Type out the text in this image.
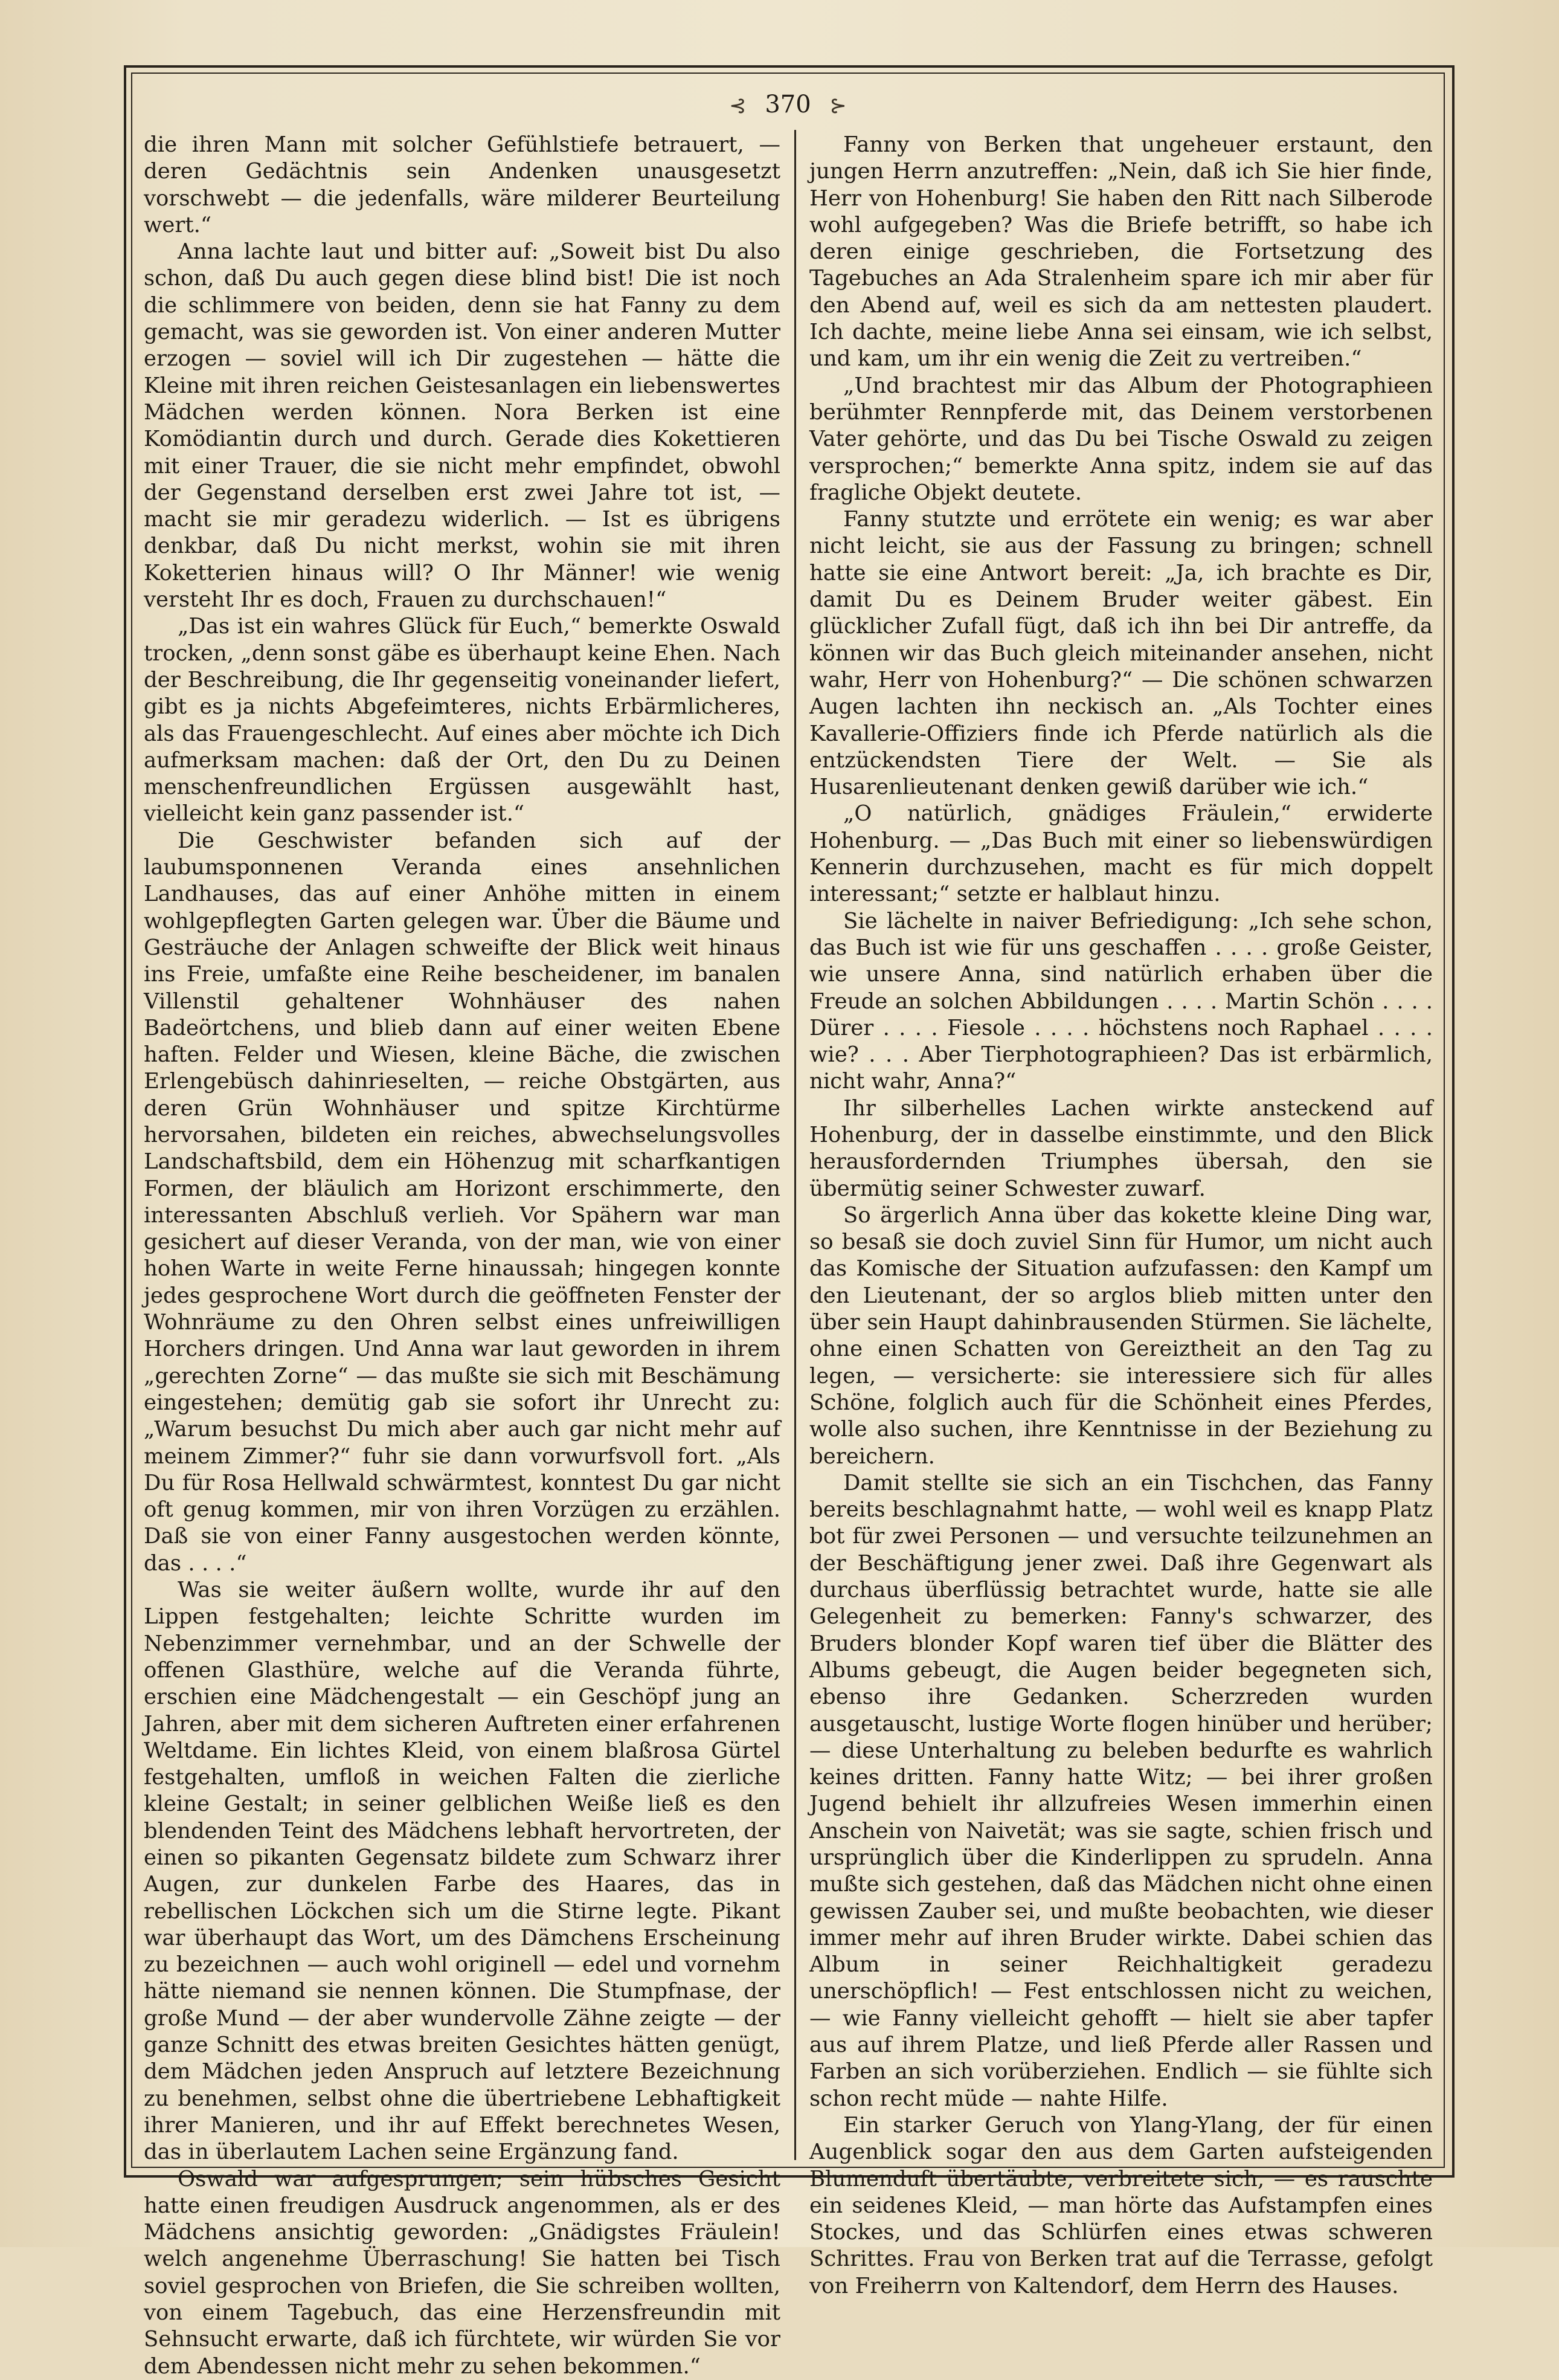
⊰ 370 ⊱

die ihren Mann mit solcher Gefühlstiefe betrauert, — deren Gedächtnis sein Andenken unausgesetzt vorschwebt — die jedenfalls, wäre milderer Beurteilung wert.“

Anna lachte laut und bitter auf: „Soweit bist Du also schon, daß Du auch gegen diese blind bist! Die ist noch die schlimmere von beiden, denn sie hat Fanny zu dem gemacht, was sie geworden ist. Von einer anderen Mutter erzogen — soviel will ich Dir zugestehen — hätte die Kleine mit ihren reichen Geistesanlagen ein liebenswertes Mädchen werden können. Nora Berken ist eine Komödiantin durch und durch. Gerade dies Kokettieren mit einer Trauer, die sie nicht mehr empfindet, obwohl der Gegenstand derselben erst zwei Jahre tot ist, — macht sie mir geradezu widerlich. — Ist es übrigens denkbar, daß Du nicht merkst, wohin sie mit ihren Koketterien hinaus will? O Ihr Männer! wie wenig versteht Ihr es doch, Frauen zu durchschauen!“

„Das ist ein wahres Glück für Euch,“ bemerkte Oswald trocken, „denn sonst gäbe es überhaupt keine Ehen. Nach der Beschreibung, die Ihr gegenseitig voneinander liefert, gibt es ja nichts Abgefeimteres, nichts Erbärmlicheres, als das Frauengeschlecht. Auf eines aber möchte ich Dich aufmerksam machen: daß der Ort, den Du zu Deinen menschenfreundlichen Ergüssen ausgewählt hast, vielleicht kein ganz passender ist.“

Die Geschwister befanden sich auf der laubumsponnenen Veranda eines ansehnlichen Landhauses, das auf einer Anhöhe mitten in einem wohlgepflegten Garten gelegen war. Über die Bäume und Gesträuche der Anlagen schweifte der Blick weit hinaus ins Freie, umfaßte eine Reihe bescheidener, im banalen Villenstil gehaltener Wohnhäuser des nahen Badeörtchens, und blieb dann auf einer weiten Ebene haften. Felder und Wiesen, kleine Bäche, die zwischen Erlengebüsch dahinrieselten, — reiche Obstgärten, aus deren Grün Wohnhäuser und spitze Kirchtürme hervorsahen, bildeten ein reiches, abwechselungsvolles Landschaftsbild, dem ein Höhenzug mit scharfkantigen Formen, der bläulich am Horizont erschimmerte, den interessanten Abschluß verlieh. Vor Spähern war man gesichert auf dieser Veranda, von der man, wie von einer hohen Warte in weite Ferne hinaussah; hingegen konnte jedes gesprochene Wort durch die geöffneten Fenster der Wohnräume zu den Ohren selbst eines unfreiwilligen Horchers dringen. Und Anna war laut geworden in ihrem „gerechten Zorne“ — das mußte sie sich mit Beschämung eingestehen; demütig gab sie sofort ihr Unrecht zu: „Warum besuchst Du mich aber auch gar nicht mehr auf meinem Zimmer?“ fuhr sie dann vorwurfsvoll fort. „Als Du für Rosa Hellwald schwärmtest, konntest Du gar nicht oft genug kommen, mir von ihren Vorzügen zu erzählen. Daß sie von einer Fanny ausgestochen werden könnte, das . . . .“

Was sie weiter äußern wollte, wurde ihr auf den Lippen festgehalten; leichte Schritte wurden im Nebenzimmer vernehmbar, und an der Schwelle der offenen Glasthüre, welche auf die Veranda führte, erschien eine Mädchengestalt — ein Geschöpf jung an Jahren, aber mit dem sicheren Auftreten einer erfahrenen Weltdame. Ein lichtes Kleid, von einem blaßrosa Gürtel festgehalten, umfloß in weichen Falten die zierliche kleine Gestalt; in seiner gelblichen Weiße ließ es den blendenden Teint des Mädchens lebhaft hervortreten, der einen so pikanten Gegensatz bildete zum Schwarz ihrer Augen, zur dunkelen Farbe des Haares, das in rebellischen Löckchen sich um die Stirne legte. Pikant war überhaupt das Wort, um des Dämchens Erscheinung zu bezeichnen — auch wohl originell — edel und vornehm hätte niemand sie nennen können. Die Stumpfnase, der große Mund — der aber wundervolle Zähne zeigte — der ganze Schnitt des etwas breiten Gesichtes hätten genügt, dem Mädchen jeden Anspruch auf letztere Bezeichnung zu benehmen, selbst ohne die übertriebene Lebhaftigkeit ihrer Manieren, und ihr auf Effekt berechnetes Wesen, das in überlautem Lachen seine Ergänzung fand.

Oswald war aufgesprungen; sein hübsches Gesicht hatte einen freudigen Ausdruck angenommen, als er des Mädchens ansichtig geworden: „Gnädigstes Fräulein! welch angenehme Überraschung! Sie hatten bei Tisch soviel gesprochen von Briefen, die Sie schreiben wollten, von einem Tagebuch, das eine Herzensfreundin mit Sehnsucht erwarte, daß ich fürchtete, wir würden Sie vor dem Abendessen nicht mehr zu sehen bekommen.“

Fanny von Berken that ungeheuer erstaunt, den jungen Herrn anzutreffen: „Nein, daß ich Sie hier finde, Herr von Hohenburg! Sie haben den Ritt nach Silberode wohl aufgegeben? Was die Briefe betrifft, so habe ich deren einige geschrieben, die Fortsetzung des Tagebuches an Ada Stralenheim spare ich mir aber für den Abend auf, weil es sich da am nettesten plaudert. Ich dachte, meine liebe Anna sei einsam, wie ich selbst, und kam, um ihr ein wenig die Zeit zu vertreiben.“

„Und brachtest mir das Album der Photographieen berühmter Rennpferde mit, das Deinem verstorbenen Vater gehörte, und das Du bei Tische Oswald zu zeigen versprochen;“ bemerkte Anna spitz, indem sie auf das fragliche Objekt deutete.

Fanny stutzte und errötete ein wenig; es war aber nicht leicht, sie aus der Fassung zu bringen; schnell hatte sie eine Antwort bereit: „Ja, ich brachte es Dir, damit Du es Deinem Bruder weiter gäbest. Ein glücklicher Zufall fügt, daß ich ihn bei Dir antreffe, da können wir das Buch gleich miteinander ansehen, nicht wahr, Herr von Hohenburg?“ — Die schönen schwarzen Augen lachten ihn neckisch an. „Als Tochter eines Kavallerie-Offiziers finde ich Pferde natürlich als die entzückendsten Tiere der Welt. — Sie als Husarenlieutenant denken gewiß darüber wie ich.“

„O natürlich, gnädiges Fräulein,“ erwiderte Hohenburg. — „Das Buch mit einer so liebenswürdigen Kennerin durchzusehen, macht es für mich doppelt interessant;“ setzte er halblaut hinzu.

Sie lächelte in naiver Befriedigung: „Ich sehe schon, das Buch ist wie für uns geschaffen . . . . große Geister, wie unsere Anna, sind natürlich erhaben über die Freude an solchen Abbildungen . . . . Martin Schön . . . . Dürer . . . . Fiesole . . . . höchstens noch Raphael . . . . wie? . . . Aber Tierphotographieen? Das ist erbärmlich, nicht wahr, Anna?“

Ihr silberhelles Lachen wirkte ansteckend auf Hohenburg, der in dasselbe einstimmte, und den Blick herausfordernden Triumphes übersah, den sie übermütig seiner Schwester zuwarf.

So ärgerlich Anna über das kokette kleine Ding war, so besaß sie doch zuviel Sinn für Humor, um nicht auch das Komische der Situation aufzufassen: den Kampf um den Lieutenant, der so arglos blieb mitten unter den über sein Haupt dahinbrausenden Stürmen. Sie lächelte, ohne einen Schatten von Gereiztheit an den Tag zu legen, — versicherte: sie interessiere sich für alles Schöne, folglich auch für die Schönheit eines Pferdes, wolle also suchen, ihre Kenntnisse in der Beziehung zu bereichern.

Damit stellte sie sich an ein Tischchen, das Fanny bereits beschlagnahmt hatte, — wohl weil es knapp Platz bot für zwei Personen — und versuchte teilzunehmen an der Beschäftigung jener zwei. Daß ihre Gegenwart als durchaus überflüssig betrachtet wurde, hatte sie alle Gelegenheit zu bemerken: Fanny's schwarzer, des Bruders blonder Kopf waren tief über die Blätter des Albums gebeugt, die Augen beider begegneten sich, ebenso ihre Gedanken. Scherzreden wurden ausgetauscht, lustige Worte flogen hinüber und herüber; — diese Unterhaltung zu beleben bedurfte es wahrlich keines dritten. Fanny hatte Witz; — bei ihrer großen Jugend behielt ihr allzufreies Wesen immerhin einen Anschein von Naivetät; was sie sagte, schien frisch und ursprünglich über die Kinderlippen zu sprudeln. Anna mußte sich gestehen, daß das Mädchen nicht ohne einen gewissen Zauber sei, und mußte beobachten, wie dieser immer mehr auf ihren Bruder wirkte. Dabei schien das Album in seiner Reichhaltigkeit geradezu unerschöpflich! — Fest entschlossen nicht zu weichen, — wie Fanny vielleicht gehofft — hielt sie aber tapfer aus auf ihrem Platze, und ließ Pferde aller Rassen und Farben an sich vorüberziehen. Endlich — sie fühlte sich schon recht müde — nahte Hilfe.

Ein starker Geruch von Ylang-Ylang, der für einen Augenblick sogar den aus dem Garten aufsteigenden Blumenduft übertäubte, verbreitete sich, — es rauschte ein seidenes Kleid, — man hörte das Aufstampfen eines Stockes, und das Schlürfen eines etwas schweren Schrittes. Frau von Berken trat auf die Terrasse, gefolgt von Freiherrn von Kaltendorf, dem Herrn des Hauses.
